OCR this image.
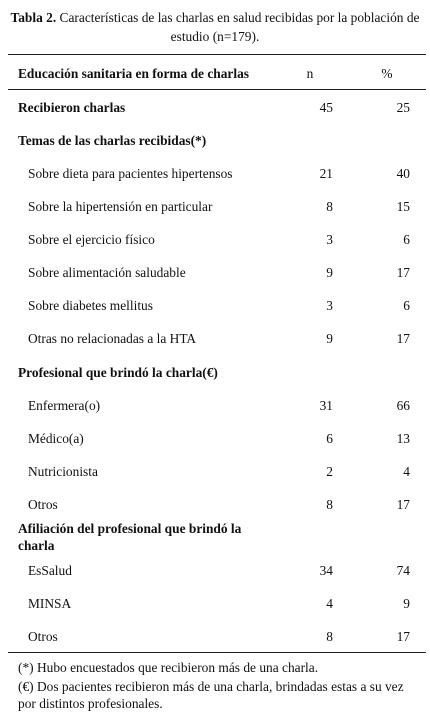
Tabla 2. Características de las charlas en salud recibidas por la población de estudio (n=179).
Educación sanitaria en forma de charlas	n	%
Recibieron charlas	45	25
Temas de las charlas recibidas(*)
Sobre dieta para pacientes hipertensos	21	40
Sobre la hipertensión en particular	8	15
Sobre el ejercicio físico	3	6
Sobre alimentación saludable	9	17
Sobre diabetes mellitus	3	6
Otras no relacionadas a la HTA	9	17
Profesional que brindó la charla(€)
Enfermera(o)	31	66
Médico(a)	6	13
Nutricionista	2	4
Otros	8	17
Afiliación del profesional que brindó la
charla
EsSalud	34	74
MINSA	4	9
Otros	8	17
(*) Hubo encuestados que recibieron más de una charla.
(€) Dos pacientes recibieron más de una charla, brindadas estas a su vez por distintos profesionales.
